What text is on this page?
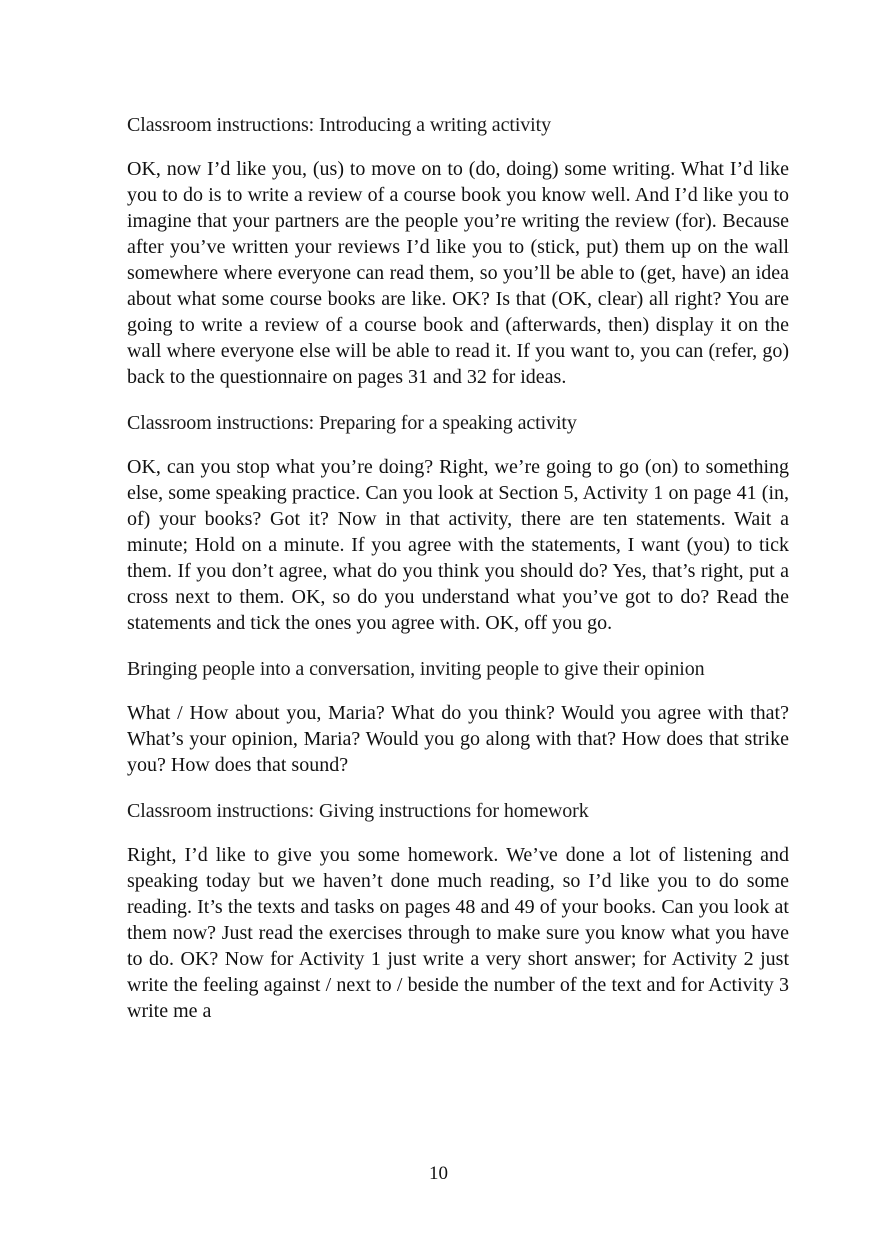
Classroom instructions: Introducing a writing activity

OK, now I’d like you, (us) to move on to (do, doing) some writing. What I’d like you to do is to write a review of a course book you know well. And I’d like you to imagine that your partners are the people you’re writing the review (for). Because after you’ve written your reviews I’d like you to (stick, put) them up on the wall somewhere where everyone can read them, so you’ll be able to (get, have) an idea about what some course books are like. OK? Is that (OK, clear) all right? You are going to write a review of a course book and (afterwards, then) display it on the wall where everyone else will be able to read it. If you want to, you can (refer, go) back to the questionnaire on pages 31 and 32 for ideas.

Classroom instructions: Preparing for a speaking activity

OK, can you stop what you’re doing? Right, we’re going to go (on) to something else, some speaking practice. Can you look at Section 5, Activity 1 on page 41 (in, of) your books? Got it? Now in that activity, there are ten statements. Wait a minute; Hold on a minute. If you agree with the statements, I want (you) to tick them. If you don’t agree, what do you think you should do? Yes, that’s right, put a cross next to them. OK, so do you understand what you’ve got to do? Read the statements and tick the ones you agree with. OK, off you go.

Bringing people into a conversation, inviting people to give their opinion

What / How about you, Maria? What do you think? Would you agree with that? What’s your opinion, Maria? Would you go along with that? How does that strike you? How does that sound?

Classroom instructions: Giving instructions for homework

Right, I’d like to give you some homework. We’ve done a lot of listening and speaking today but we haven’t done much reading, so I’d like you to do some reading. It’s the texts and tasks on pages 48 and 49 of your books. Can you look at them now? Just read the exercises through to make sure you know what you have to do. OK? Now for Activity 1 just write a very short answer; for Activity 2 just write the feeling against / next to / beside the number of the text and for Activity 3 write me a

10
